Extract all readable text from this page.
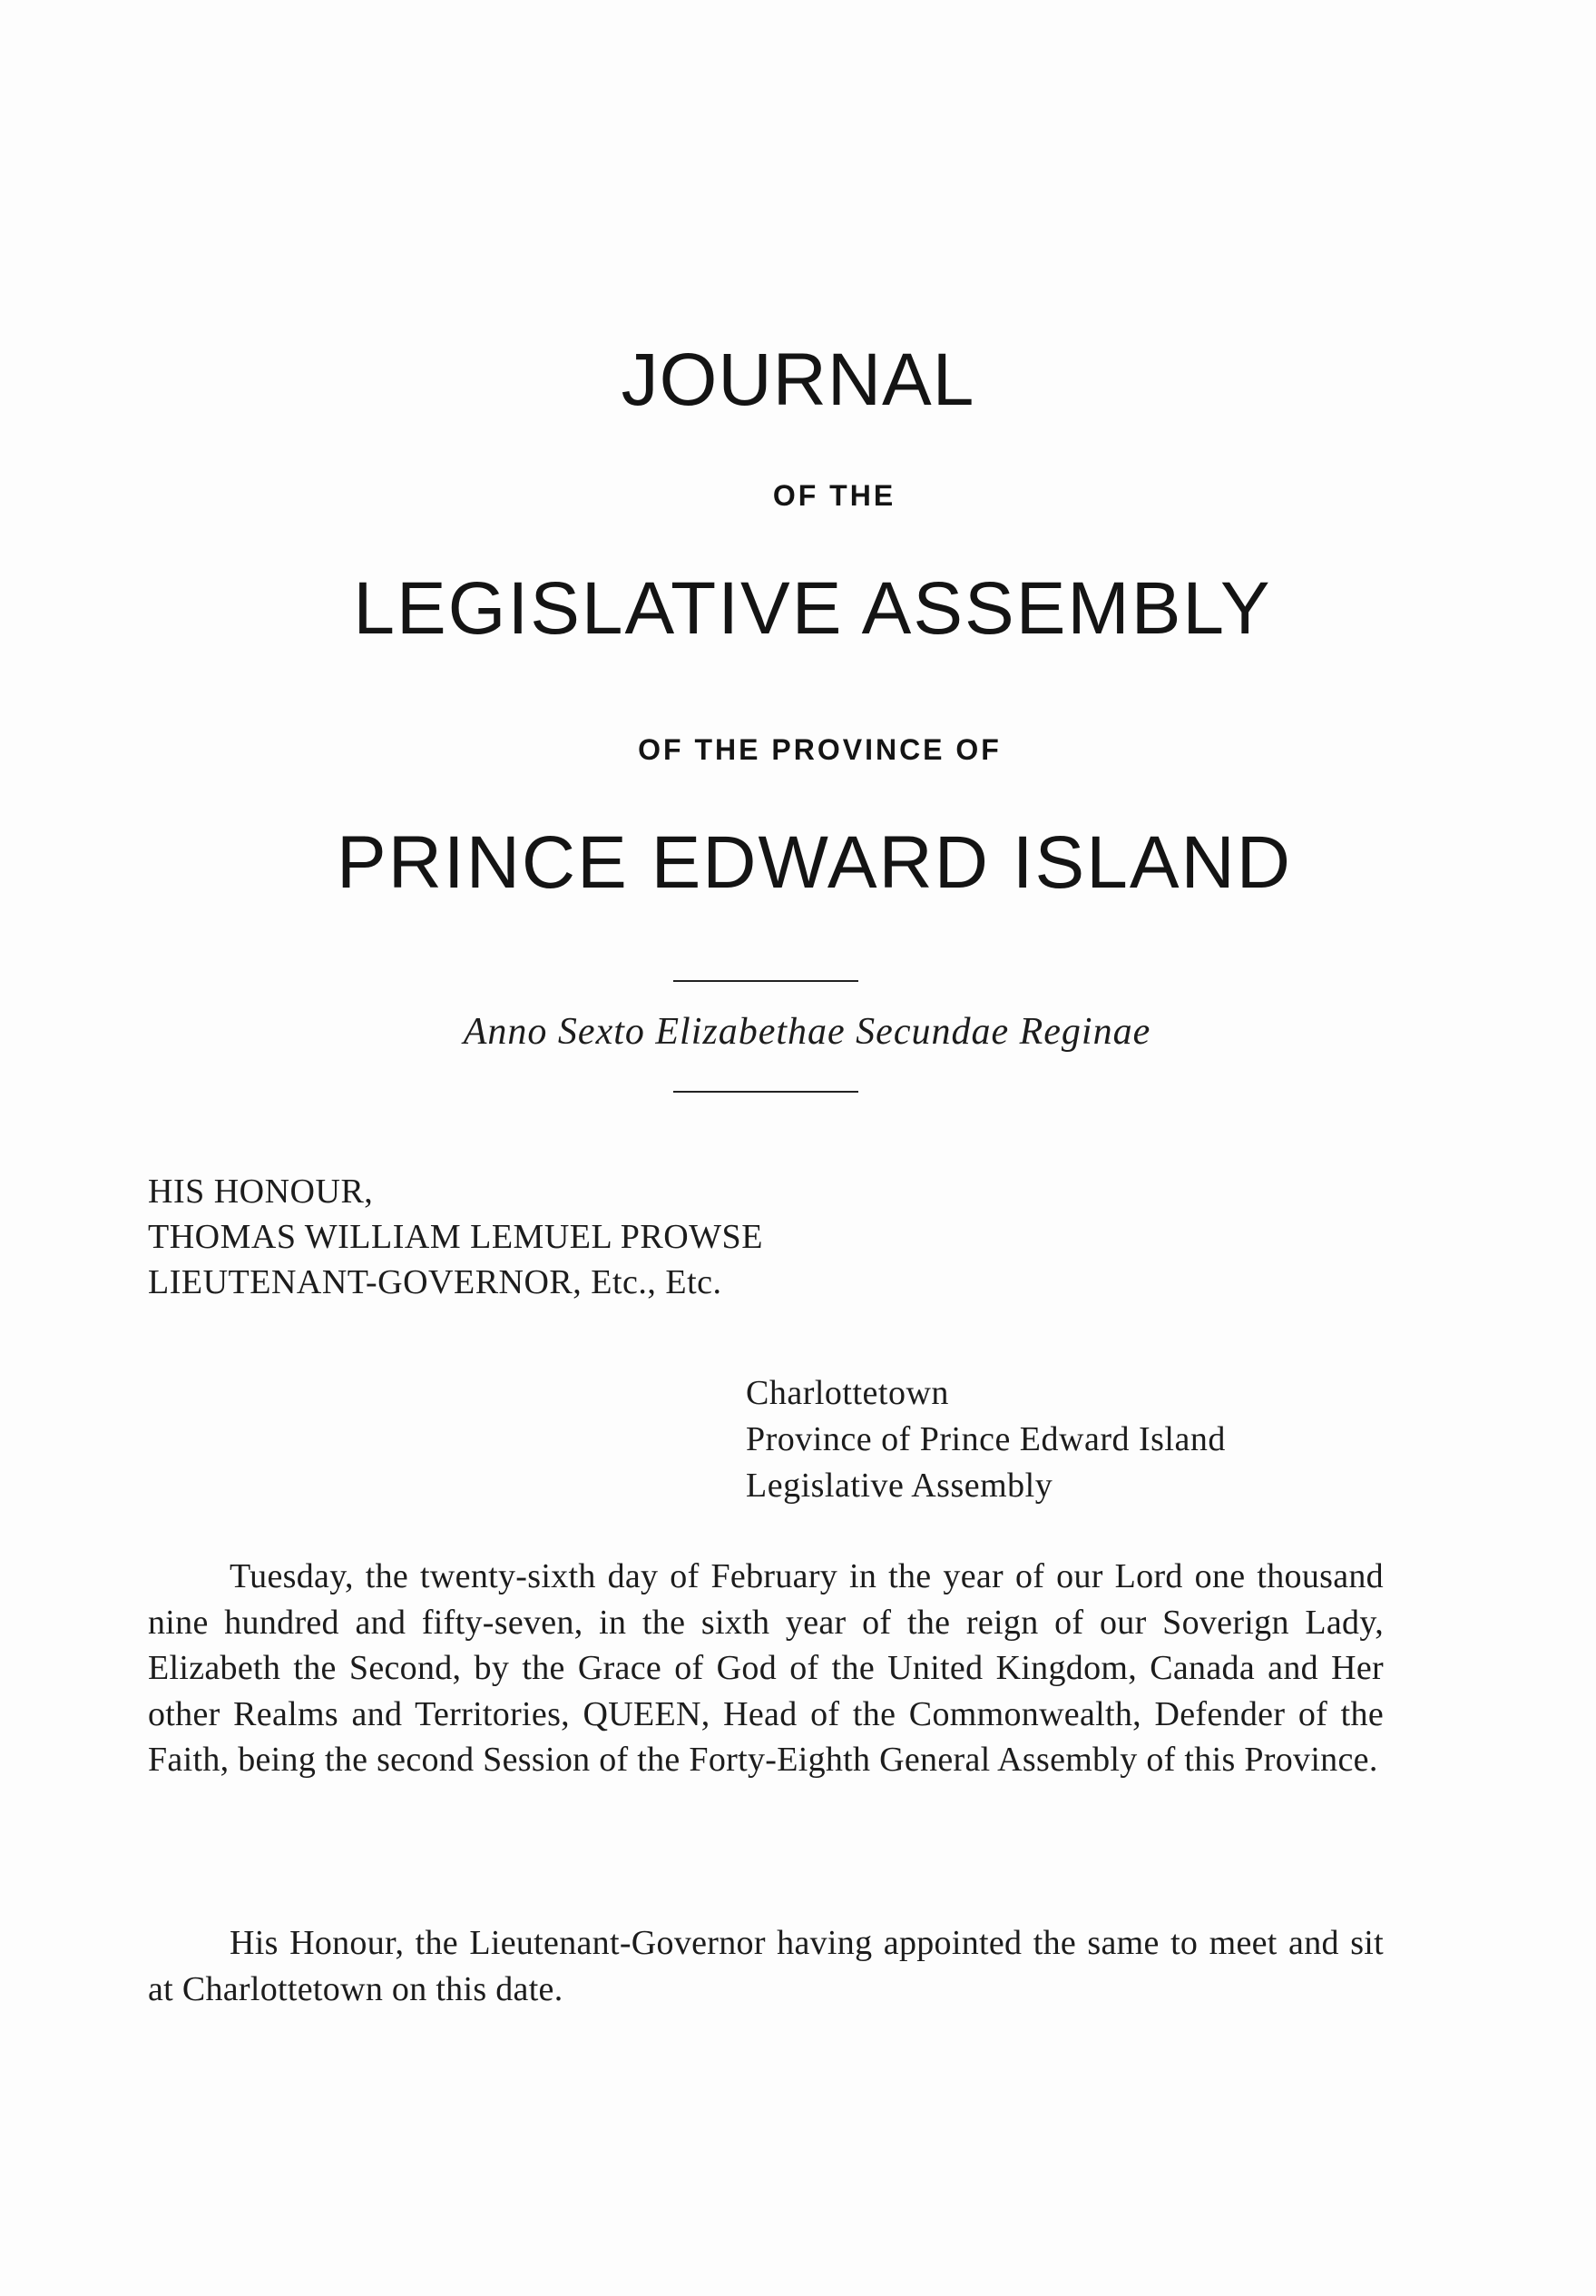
JOURNAL
OF THE
LEGISLATIVE ASSEMBLY
OF THE PROVINCE OF
PRINCE EDWARD ISLAND
Anno Sexto Elizabethae Secundae Reginae
HIS HONOUR,
THOMAS WILLIAM LEMUEL PROWSE
LIEUTENANT-GOVERNOR, Etc., Etc.
Charlottetown
Province of Prince Edward Island
Legislative Assembly

Tuesday, the twenty-sixth day of February in the year of our Lord one thousand nine hundred and fifty-seven, in the sixth year of the reign of our Soverign Lady, Elizabeth the Second, by the Grace of God of the United Kingdom, Canada and Her other Realms and Territories, QUEEN, Head of the Commonwealth, Defender of the Faith, being the second Session of the Forty-Eighth General Assembly of this Province.

His Honour, the Lieutenant-Governor having appointed the same to meet and sit at Charlottetown on this date.
